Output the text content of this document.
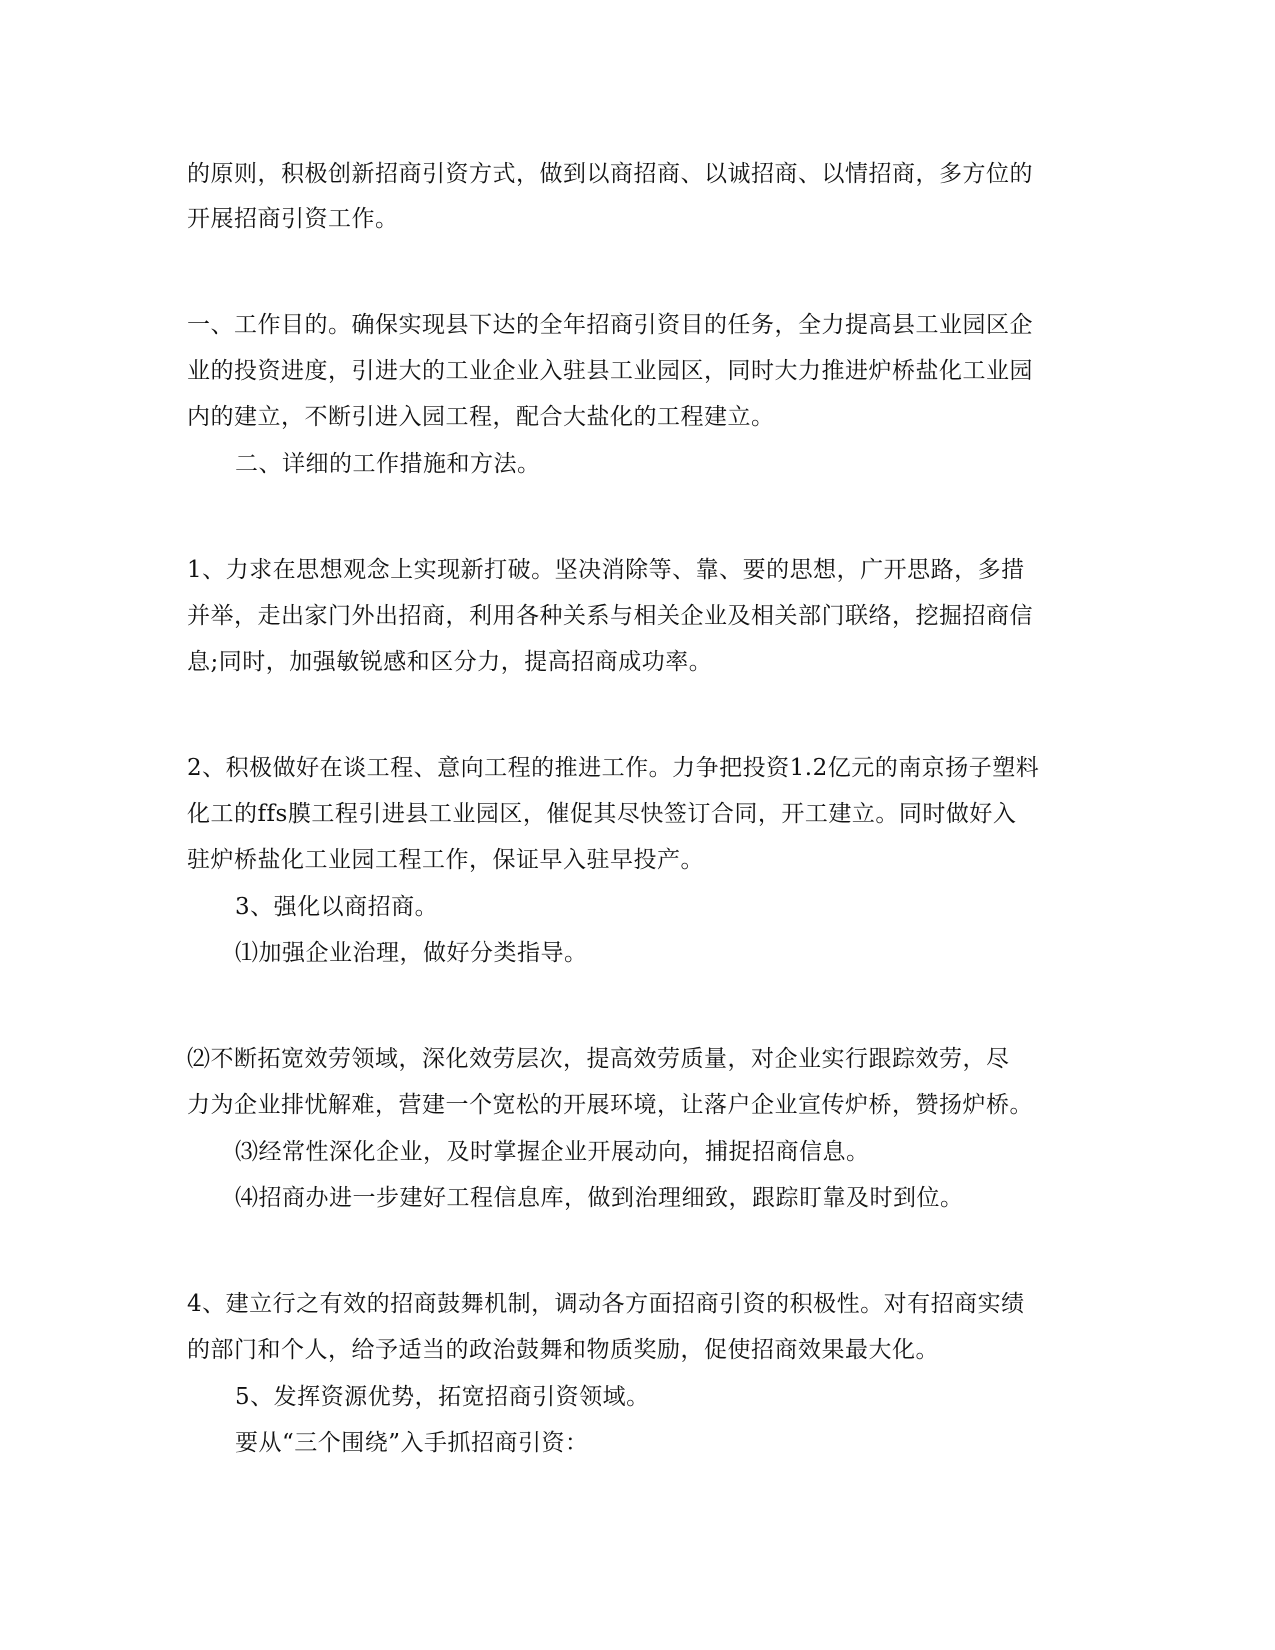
的原则，积极创新招商引资方式，做到以商招商、以诚招商、以情招商，多方位的
开展招商引资工作。
一、工作目的。确保实现县下达的全年招商引资目的任务，全力提高县工业园区企
业的投资进度，引进大的工业企业入驻县工业园区，同时大力推进炉桥盐化工业园
内的建立，不断引进入园工程，配合大盐化的工程建立。
二、详细的工作措施和方法。
1、力求在思想观念上实现新打破。坚决消除等、靠、要的思想，广开思路，多措
并举，走出家门外出招商，利用各种关系与相关企业及相关部门联络，挖掘招商信
息;同时，加强敏锐感和区分力，提高招商成功率。
2、积极做好在谈工程、意向工程的推进工作。力争把投资1.2亿元的南京扬子塑料
化工的ffs膜工程引进县工业园区，催促其尽快签订合同，开工建立。同时做好入
驻炉桥盐化工业园工程工作，保证早入驻早投产。
3、强化以商招商。
⑴加强企业治理，做好分类指导。
⑵不断拓宽效劳领域，深化效劳层次，提高效劳质量，对企业实行跟踪效劳，尽
力为企业排忧解难，营建一个宽松的开展环境，让落户企业宣传炉桥，赞扬炉桥。
⑶经常性深化企业，及时掌握企业开展动向，捕捉招商信息。
⑷招商办进一步建好工程信息库，做到治理细致，跟踪盯靠及时到位。
4、建立行之有效的招商鼓舞机制，调动各方面招商引资的积极性。对有招商实绩
的部门和个人，给予适当的政治鼓舞和物质奖励，促使招商效果最大化。
5、发挥资源优势，拓宽招商引资领域。
要从“三个围绕”入手抓招商引资：
